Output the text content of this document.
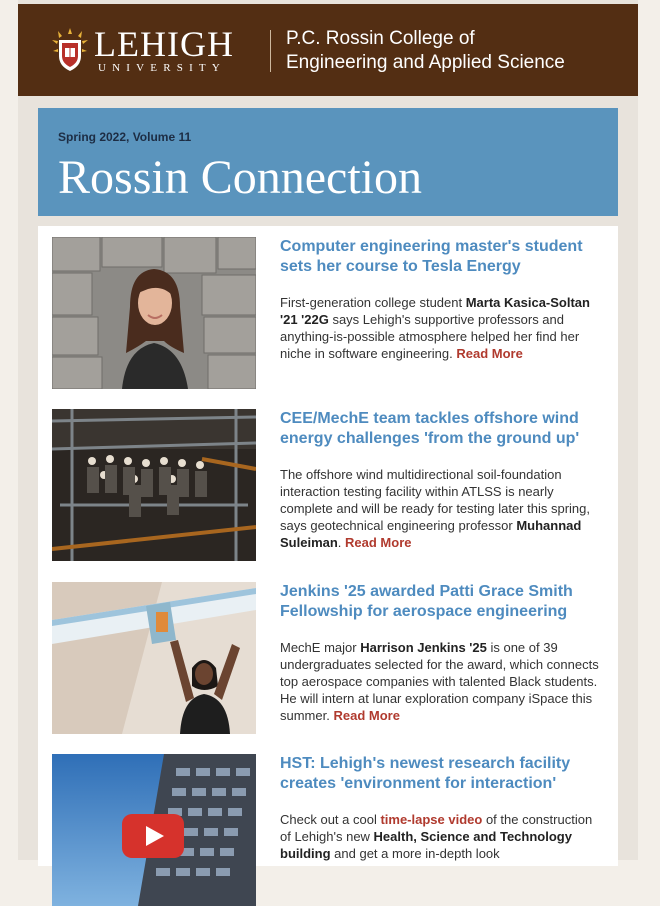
LEHIGH
UNIVERSITY
P.C. Rossin College of
Engineering and Applied Science
Spring 2022, Volume 11
Rossin Connection
Computer engineering master's student sets her course to Tesla Energy
First-generation college student Marta Kasica-Soltan '21 '22G says Lehigh's supportive professors and anything-is-possible atmosphere helped her find her niche in software engineering. Read More
CEE/MechE team tackles offshore wind energy challenges 'from the ground up'
The offshore wind multidirectional soil-foundation interaction testing facility within ATLSS is nearly complete and will be ready for testing later this spring, says geotechnical engineering professor Muhannad Suleiman. Read More
Jenkins '25 awarded Patti Grace Smith Fellowship for aerospace engineering
MechE major Harrison Jenkins '25 is one of 39 undergraduates selected for the award, which connects top aerospace companies with talented Black students. He will intern at lunar exploration company iSpace this summer. Read More
HST: Lehigh's newest research facility creates 'environment for interaction'
Check out a cool time-lapse video of the construction of Lehigh's new Health, Science and Technology building and get a more in-depth look
